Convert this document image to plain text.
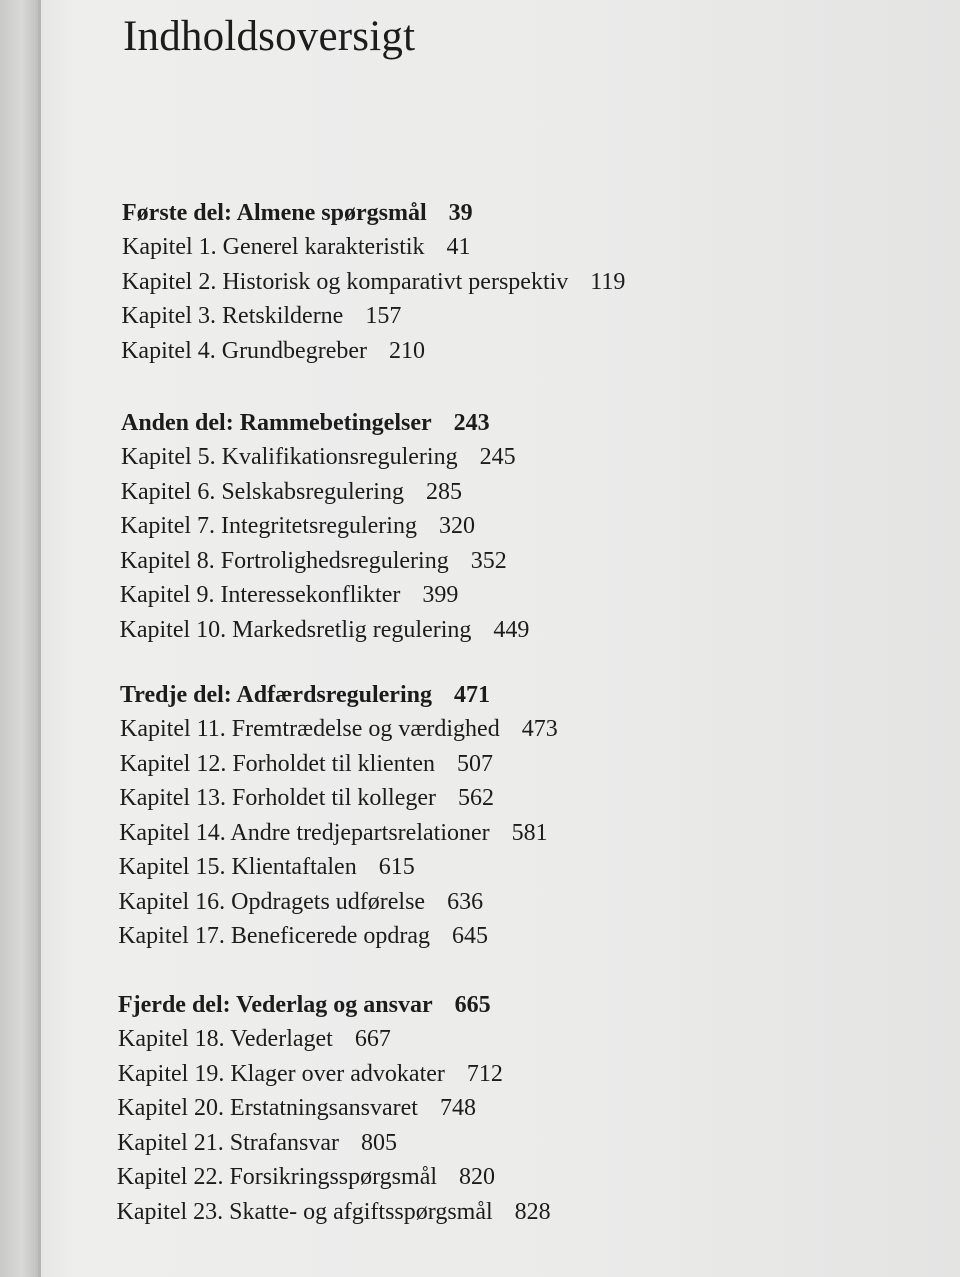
Indholdsoversigt
Første del: Almene spørgsmål 39
Kapitel 1. Generel karakteristik 41
Kapitel 2. Historisk og komparativt perspektiv 119
Kapitel 3. Retskilderne 157
Kapitel 4. Grundbegreber 210
Anden del: Rammebetingelser 243
Kapitel 5. Kvalifikationsregulering 245
Kapitel 6. Selskabsregulering 285
Kapitel 7. Integritetsregulering 320
Kapitel 8. Fortrolighedsregulering 352
Kapitel 9. Interessekonflikter 399
Kapitel 10. Markedsretlig regulering 449
Tredje del: Adfærdsregulering 471
Kapitel 11. Fremtrædelse og værdighed 473
Kapitel 12. Forholdet til klienten 507
Kapitel 13. Forholdet til kolleger 562
Kapitel 14. Andre tredjepartsrelationer 581
Kapitel 15. Klientaftalen 615
Kapitel 16. Opdragets udførelse 636
Kapitel 17. Beneficerede opdrag 645
Fjerde del: Vederlag og ansvar 665
Kapitel 18. Vederlaget 667
Kapitel 19. Klager over advokater 712
Kapitel 20. Erstatningsansvaret 748
Kapitel 21. Strafansvar 805
Kapitel 22. Forsikringsspørgsmål 820
Kapitel 23. Skatte- og afgiftsspørgsmål 828
